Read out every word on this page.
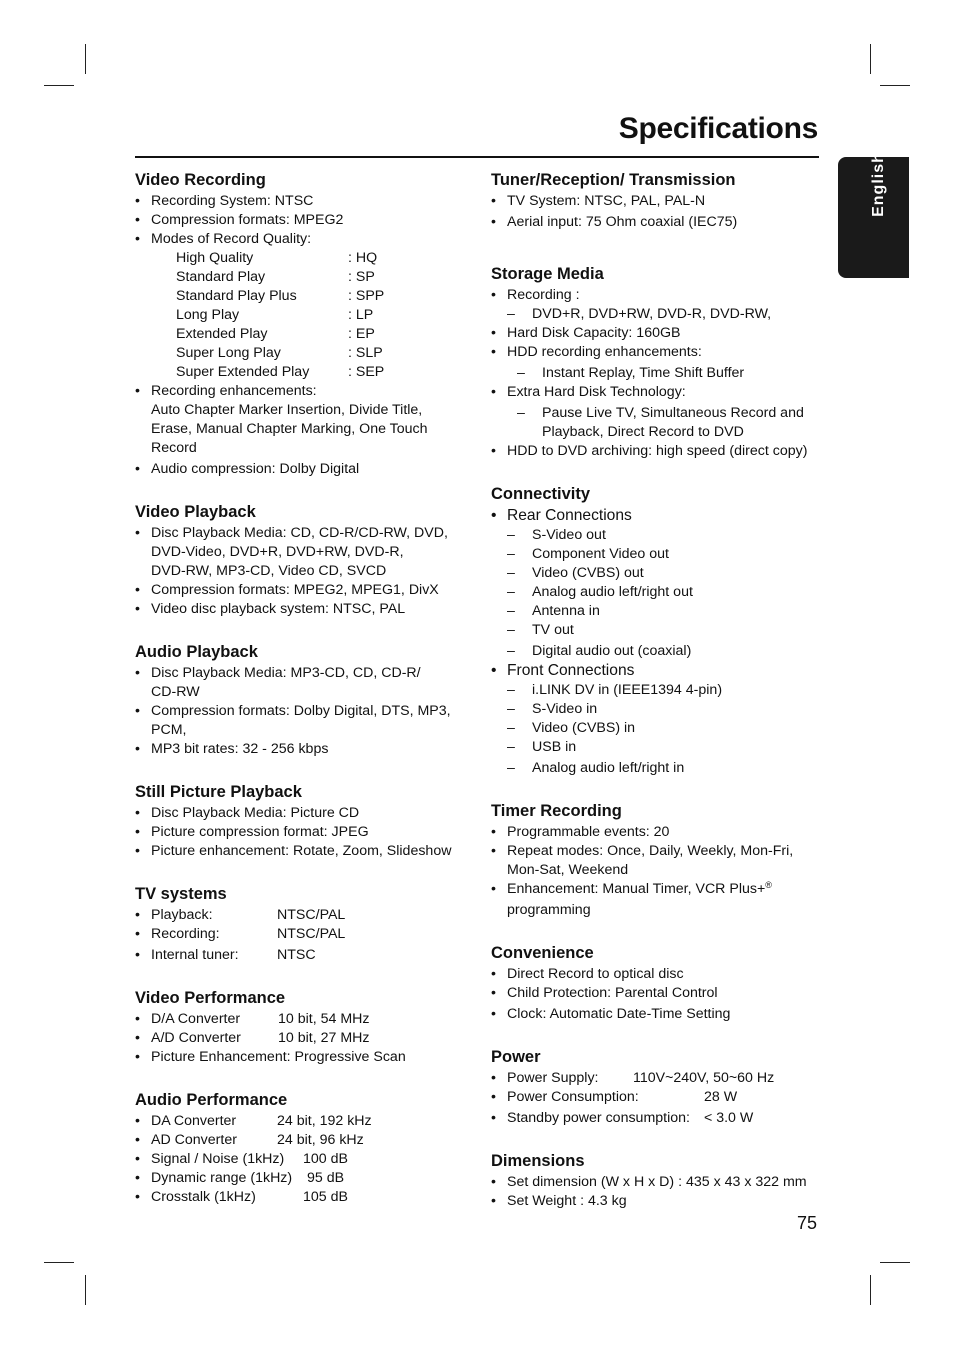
Specifications
English
Video Recording
• Recording System: NTSC
• Compression formats: MPEG2
• Modes of Record Quality:
High Quality	: HQ
Standard Play	: SP
Standard Play Plus	: SPP
Long Play	: LP
Extended Play	: EP
Super Long Play	: SLP
Super Extended Play	: SEP
• Recording enhancements:
Auto Chapter Marker Insertion, Divide Title,
Erase, Manual Chapter Marking, One Touch
Record
• Audio compression: Dolby Digital
Video Playback
• Disc Playback Media: CD, CD-R/CD-RW, DVD,
DVD-Video, DVD+R, DVD+RW, DVD-R,
DVD-RW, MP3-CD, Video CD, SVCD
• Compression formats: MPEG2, MPEG1, DivX
• Video disc playback system: NTSC, PAL
Audio Playback
• Disc Playback Media: MP3-CD, CD, CD-R/
CD-RW
• Compression formats: Dolby Digital, DTS, MP3,
PCM,
• MP3 bit rates: 32 - 256 kbps
Still Picture Playback
• Disc Playback Media: Picture CD
• Picture compression format: JPEG
• Picture enhancement: Rotate, Zoom, Slideshow
TV systems
• Playback:	NTSC/PAL
• Recording:	NTSC/PAL
• Internal tuner:	NTSC
Video Performance
• D/A Converter	10 bit, 54 MHz
• A/D Converter	10 bit, 27 MHz
• Picture Enhancement: Progressive Scan
Audio Performance
• DA Converter	24 bit, 192 kHz
• AD Converter	24 bit, 96 kHz
• Signal / Noise (1kHz) 100 dB
• Dynamic range (1kHz) 95 dB
• Crosstalk (1kHz)	105 dB
Tuner/Reception/ Transmission
• TV System: NTSC, PAL, PAL-N
• Aerial input: 75 Ohm coaxial (IEC75)
Storage Media
• Recording :
– DVD+R, DVD+RW, DVD-R, DVD-RW,
• Hard Disk Capacity: 160GB
• HDD recording enhancements:
– Instant Replay, Time Shift Buffer
• Extra Hard Disk Technology:
– Pause Live TV, Simultaneous Record and
Playback, Direct Record to DVD
• HDD to DVD archiving: high speed (direct copy)
Connectivity
• Rear Connections
– S-Video out
– Component Video out
– Video (CVBS) out
– Analog audio left/right out
– Antenna in
– TV out
– Digital audio out (coaxial)
• Front Connections
– i.LINK DV in (IEEE1394 4-pin)
– S-Video in
– Video (CVBS) in
– USB in
– Analog audio left/right in
Timer Recording
• Programmable events: 20
• Repeat modes: Once, Daily, Weekly, Mon-Fri,
Mon-Sat, Weekend
• Enhancement: Manual Timer, VCR Plus+®
programming
Convenience
• Direct Record to optical disc
• Child Protection: Parental Control
• Clock: Automatic Date-Time Setting
Power
• Power Supply: 110V~240V, 50~60 Hz
• Power Consumption:	28 W
• Standby power consumption: < 3.0 W
Dimensions
• Set dimension (W x H x D) : 435 x 43 x 322 mm
• Set Weight : 4.3 kg
75
